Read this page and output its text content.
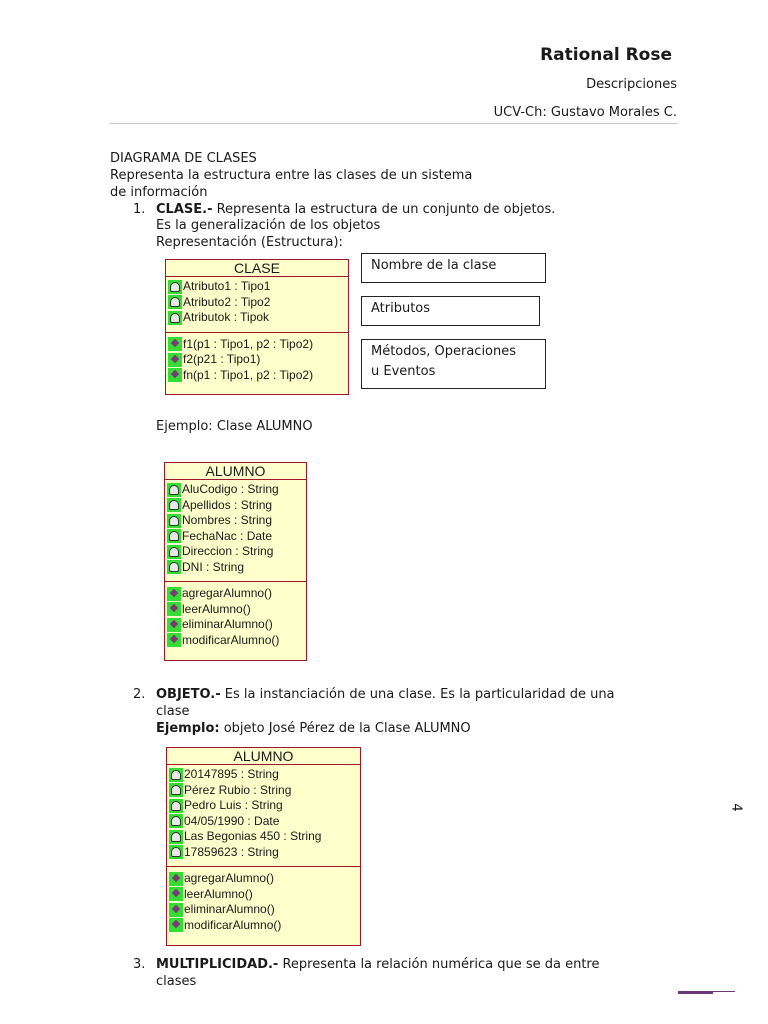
Rational Rose
Descripciones
UCV-Ch: Gustavo Morales C.
DIAGRAMA DE CLASES
Representa la estructura entre las clases de un sistema
de información
1. CLASE.- Representa la estructura de un conjunto de objetos.
Es la generalización de los objetos
Representación (Estructura):
CLASE
Atributo1 : Tipo1
Atributo2 : Tipo2
Atributok : Tipok
f1(p1 : Tipo1, p2 : Tipo2)
f2(p21 : Tipo1)
fn(p1 : Tipo1, p2 : Tipo2)
Nombre de la clase
Atributos
Métodos, Operaciones
u Eventos
Ejemplo: Clase ALUMNO
ALUMNO
AluCodigo : String
Apellidos : String
Nombres : String
FechaNac : Date
Direccion : String
DNI : String
agregarAlumno()
leerAlumno()
eliminarAlumno()
modificarAlumno()
2. OBJETO.- Es la instanciación de una clase. Es la particularidad de una
clase
Ejemplo: objeto José Pérez de la Clase ALUMNO
ALUMNO
20147895 : String
Pérez Rubio : String
Pedro Luis : String
04/05/1990 : Date
Las Begonias 450 : String
17859623 : String
agregarAlumno()
leerAlumno()
eliminarAlumno()
modificarAlumno()
3. MULTIPLICIDAD.- Representa la relación numérica que se da entre
clases
4
